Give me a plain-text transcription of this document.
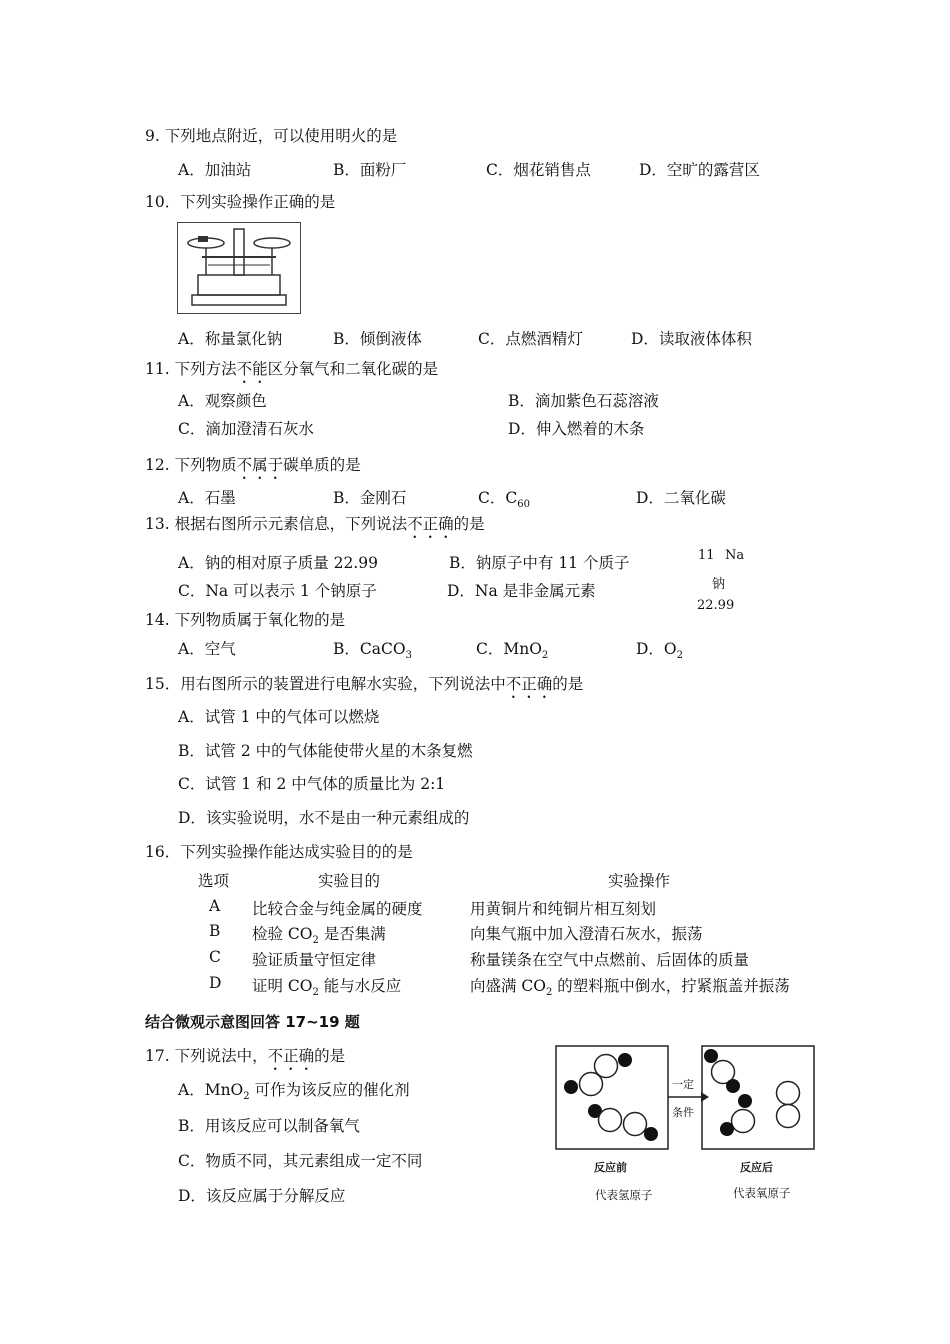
9. 下列地点附近，可以使用明火的是
A．加油站	B．面粉厂	C．烟花销售点	D．空旷的露营区
10．下列实验操作正确的是
A．称量氯化钠	B．倾倒液体	C．点燃酒精灯	D．读取液体体积
11. 下列方法不能区分氧气和二氧化碳的是
A．观察颜色	B．滴加紫色石蕊溶液
C．滴加澄清石灰水	D．伸入燃着的木条
12. 下列物质不属于碳单质的是
A．石墨	B．金刚石	C．$C_{60}$	D．二氧化碳
13. 根据右图所示元素信息，下列说法不正确的是
A．钠的相对原子质量 22.99	B．钠原子中有 11 个质子
C．Na 可以表示 1 个钠原子	D．Na 是非金属元素
11 Na
钠
22.99
14. 下列物质属于氧化物的是
A．空气	B．CaCO$_3$	C．MnO$_2$	D．$O_2$
15．用右图所示的装置进行电解水实验，下列说法中不正确的是
A．试管 1 中的气体可以燃烧
B．试管 2 中的气体能使带火星的木条复燃
C．试管 1 和 2 中气体的质量比为 2:1
D．该实验说明，水不是由一种元素组成的
16．下列实验操作能达成实验目的的是
选项	实验目的	实验操作
A 比较合金与纯金属的硬度	用黄铜片和纯铜片相互刻划
B 检验 $CO_2$ 是否集满	向集气瓶中加入澄清石灰水，振荡
C 验证质量守恒定律	称量镁条在空气中点燃前、后固体的质量
D 证明 $CO_2$ 能与水反应	向盛满 $CO_2$ 的塑料瓶中倒水，拧紧瓶盖并振荡
结合微观示意图回答 17~19 题
17. 下列说法中，不正确的是
A．MnO$_2$ 可作为该反应的催化剂
B．用该反应可以制备氧气
C．物质不同，其元素组成一定不同
D．该反应属于分解反应
一定
条件
反应前	反应后
代表氢原子	代表氧原子
